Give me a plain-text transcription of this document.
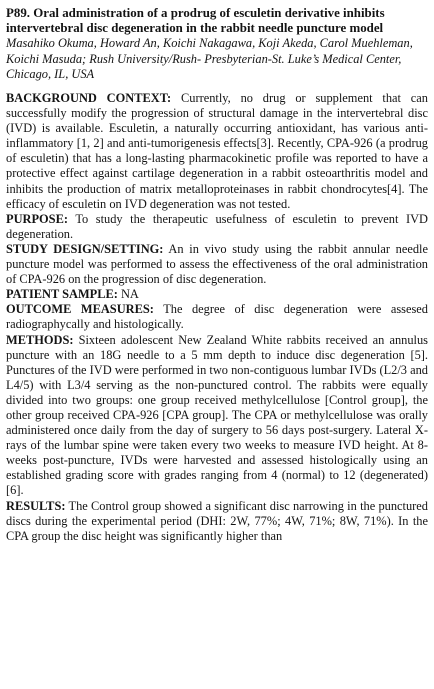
P89. Oral administration of a prodrug of esculetin derivative inhibits intervertebral disc degeneration in the rabbit needle puncture model
Masahiko Okuma, Howard An, Koichi Nakagawa, Koji Akeda, Carol Muehleman, Koichi Masuda; Rush University/Rush- Presbyterian-St. Luke’s Medical Center, Chicago, IL, USA

BACKGROUND CONTEXT: Currently, no drug or supplement that can successfully modify the progression of structural damage in the intervertebral disc (IVD) is available. Esculetin, a naturally occurring antioxidant, has various anti-inflammatory [1, 2] and anti-tumorigenesis effects[3]. Recently, CPA-926 (a prodrug of esculetin) that has a long-lasting pharmacokinetic profile was reported to have a protective effect against cartilage degeneration in a rabbit osteoarthritis model and inhibits the production of matrix metalloproteinases in rabbit chondrocytes[4]. The efficacy of esculetin on IVD degeneration was not tested.

PURPOSE: To study the therapeutic usefulness of esculetin to prevent IVD degeneration.

STUDY DESIGN/SETTING: An in vivo study using the rabbit annular needle puncture model was performed to assess the effectiveness of the oral administration of CPA-926 on the progression of disc degeneration.

PATIENT SAMPLE: NA

OUTCOME MEASURES: The degree of disc degeneration were assesed radiographycally and histologically.

METHODS: Sixteen adolescent New Zealand White rabbits received an annulus puncture with an 18G needle to a 5 mm depth to induce disc degeneration [5]. Punctures of the IVD were performed in two non-contiguous lumbar IVDs (L2/3 and L4/5) with L3/4 serving as the non-punctured control. The rabbits were equally divided into two groups: one group received methylcellulose [Control group], the other group received CPA-926 [CPA group]. The CPA or methylcellulose was orally administered once daily from the day of surgery to 56 days post-surgery. Lateral X-rays of the lumbar spine were taken every two weeks to measure IVD height. At 8-weeks post-puncture, IVDs were harvested and assessed histologically using an established grading score with grades ranging from 4 (normal) to 12 (degenerated) [6].

RESULTS: The Control group showed a significant disc narrowing in the punctured discs during the experimental period (DHI: 2W, 77%; 4W, 71%; 8W, 71%). In the CPA group the disc height was significantly higher than
